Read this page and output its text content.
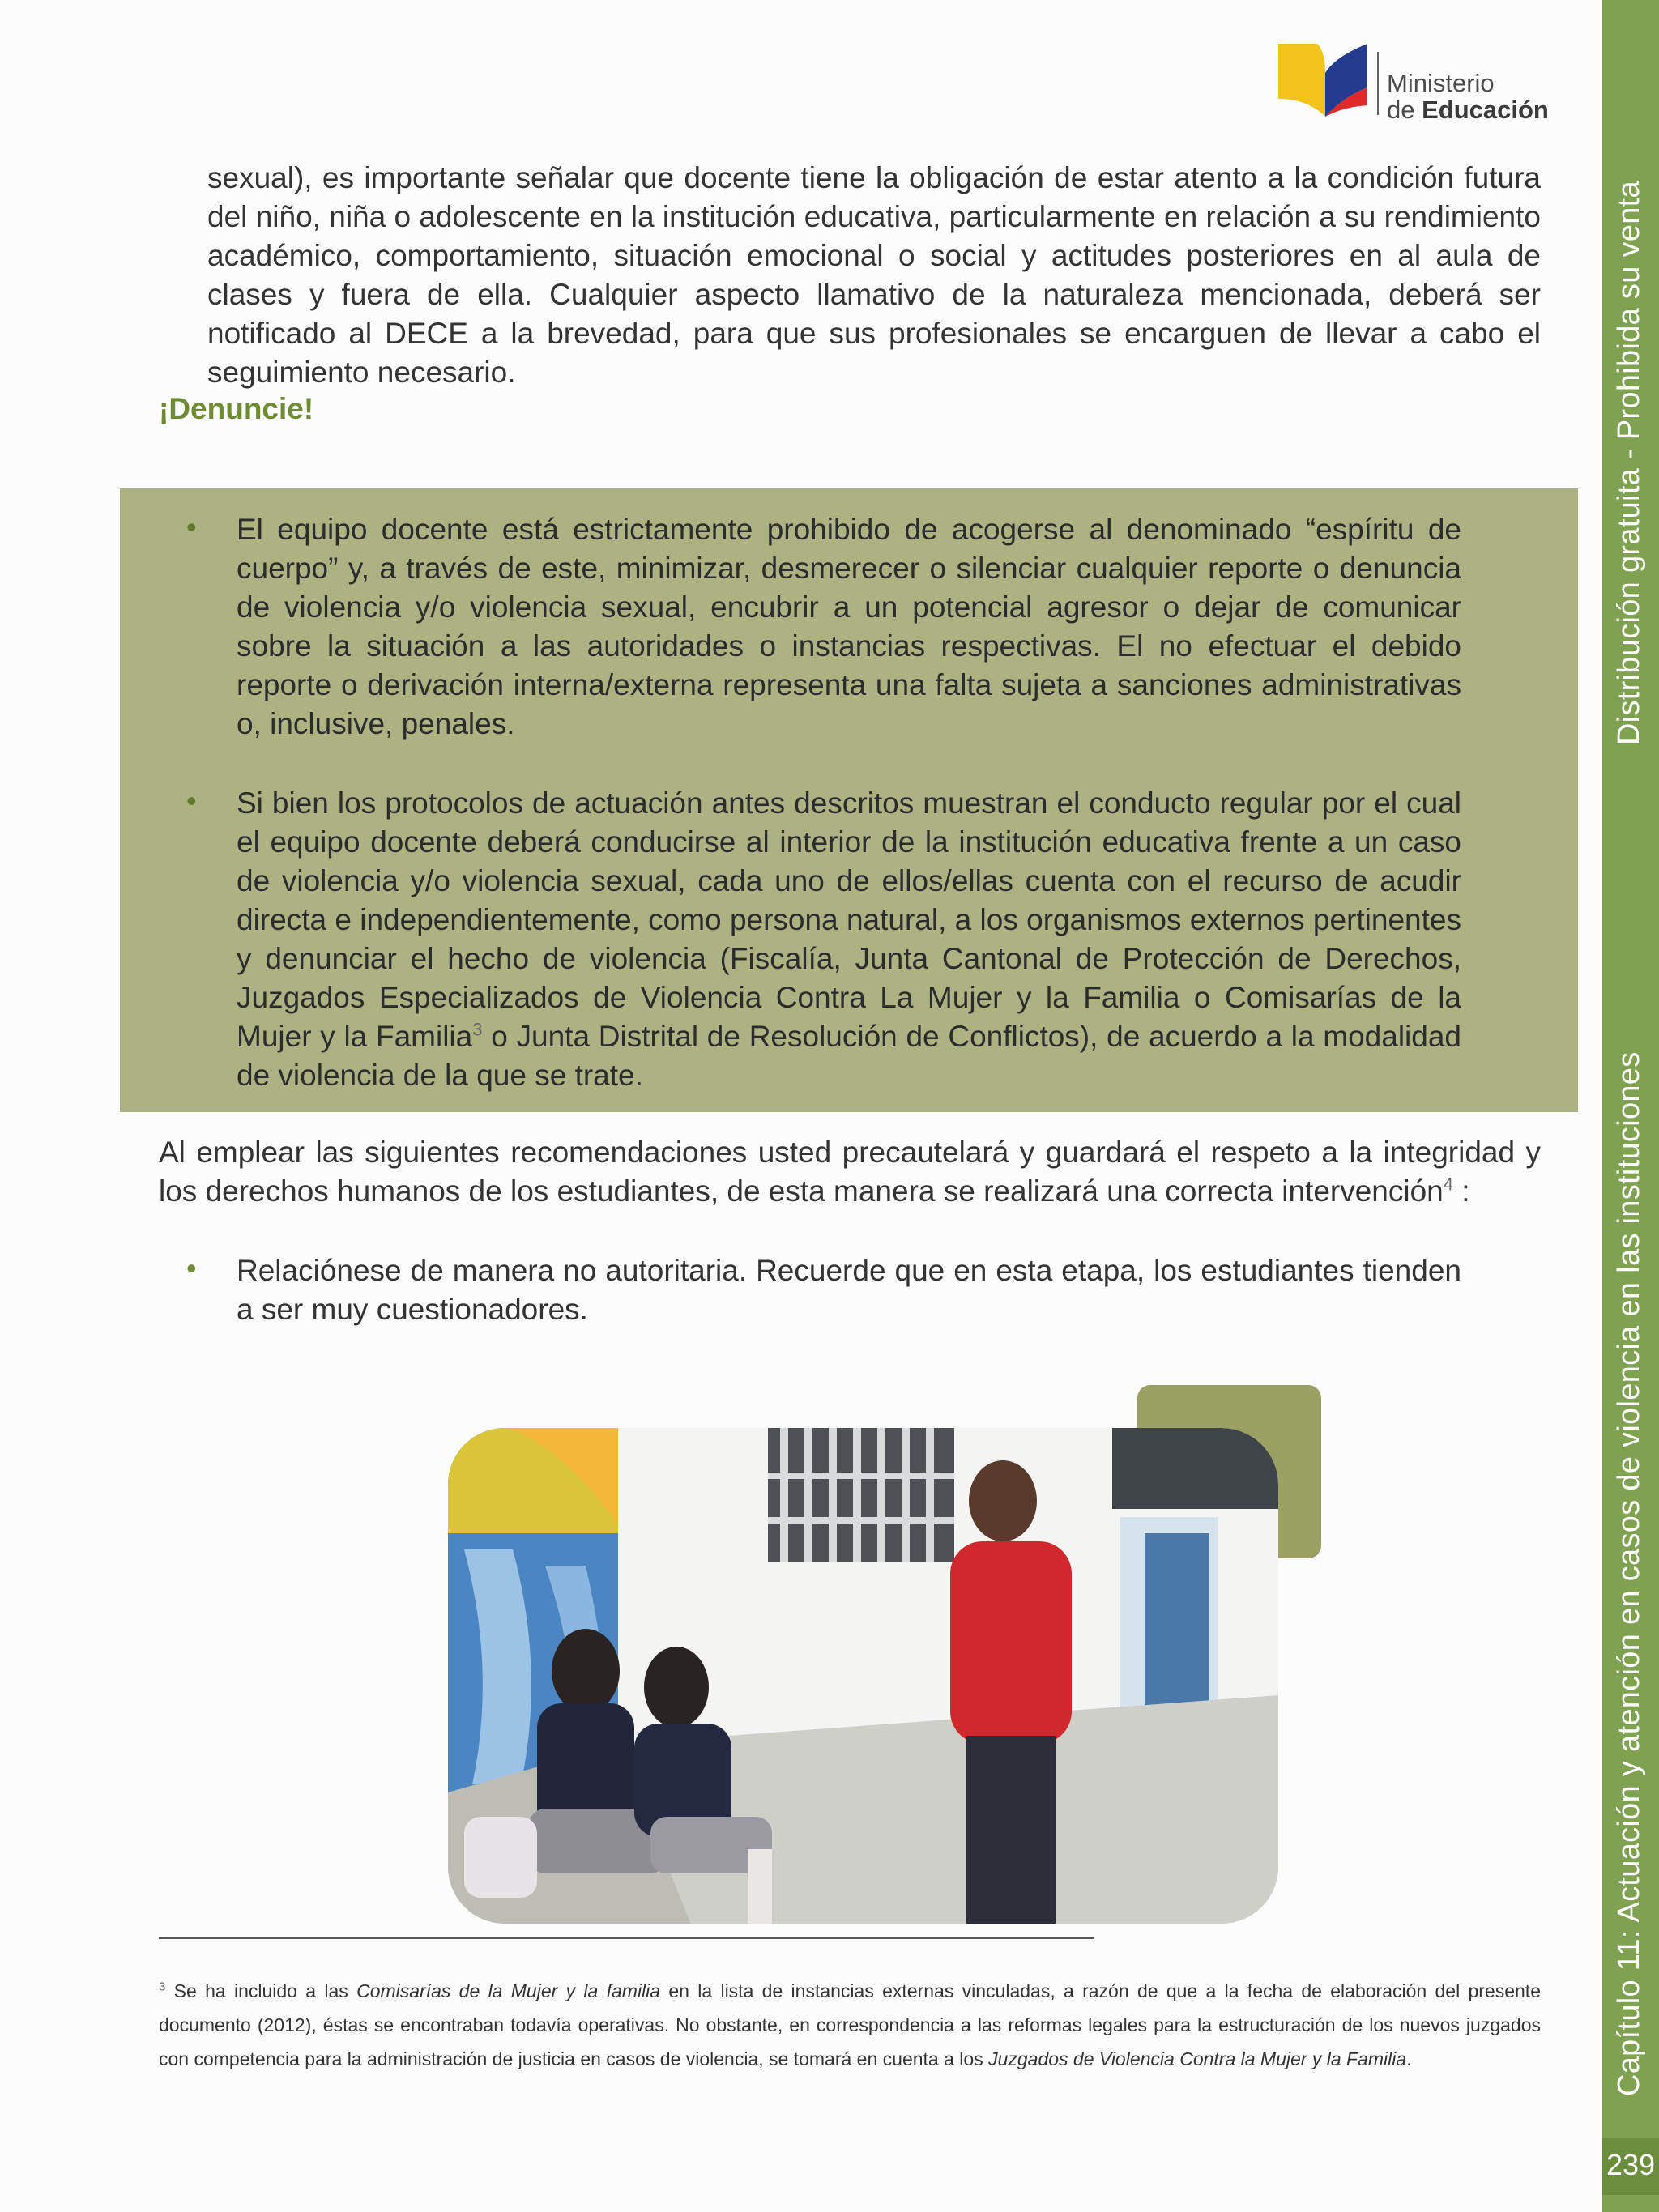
Distribución gratuita - Prohibida su venta
Capítulo 11: Actuación y atención en casos de violencia en las instituciones
239
Ministerio
de Educación

sexual), es importante señalar que docente tiene la obligación de estar atento a la condición futura del niño, niña o adolescente en la institución educativa, particularmente en relación a su rendimiento académico, comportamiento, situación emocional o social y actitudes posteriores en al aula de clases y fuera de ella. Cualquier aspecto llamativo de la naturaleza mencionada, deberá ser notificado al DECE a la brevedad, para que sus profesionales se encarguen de llevar a cabo el seguimiento necesario.

¡Denuncie!
• El equipo docente está estrictamente prohibido de acogerse al denominado “espíritu de cuerpo” y, a través de este, minimizar, desmerecer o silenciar cualquier reporte o denuncia de violencia y/o violencia sexual, encubrir a un potencial agresor o dejar de comunicar sobre la situación a las autoridades o instancias respectivas. El no efectuar el debido reporte o derivación interna/externa representa una falta sujeta a sanciones administrativas o, inclusive, penales.

• Si bien los protocolos de actuación antes descritos muestran el conducto regular por el cual el equipo docente deberá conducirse al interior de la institución educativa frente a un caso de violencia y/o violencia sexual, cada uno de ellos/ellas cuenta con el recurso de acudir directa e independientemente, como persona natural, a los organismos externos pertinentes y denunciar el hecho de violencia (Fiscalía, Junta Cantonal de Protección de Derechos, Juzgados Especializados de Violencia Contra La Mujer y la Familia o Comisarías de la Mujer y la Familia$^3$ o Junta Distrital de Resolución de Conflictos), de acuerdo a la modalidad de violencia de la que se trate.

Al emplear las siguientes recomendaciones usted precautelará y guardará el respeto a la integridad y los derechos humanos de los estudiantes, de esta manera se realizará una correcta intervención$^4$ :

• Relaciónese de manera no autoritaria. Recuerde que en esta etapa, los estudiantes tienden a ser muy cuestionadores.

$^3$ Se ha incluido a las Comisarías de la Mujer y la familia en la lista de instancias externas vinculadas, a razón de que a la fecha de elaboración del presente documento (2012), éstas se encontraban todavía operativas. No obstante, en correspondencia a las reformas legales para la estructuración de los nuevos juzgados con competencia para la administración de justicia en casos de violencia, se tomará en cuenta a los Juzgados de Violencia Contra la Mujer y la Familia.
